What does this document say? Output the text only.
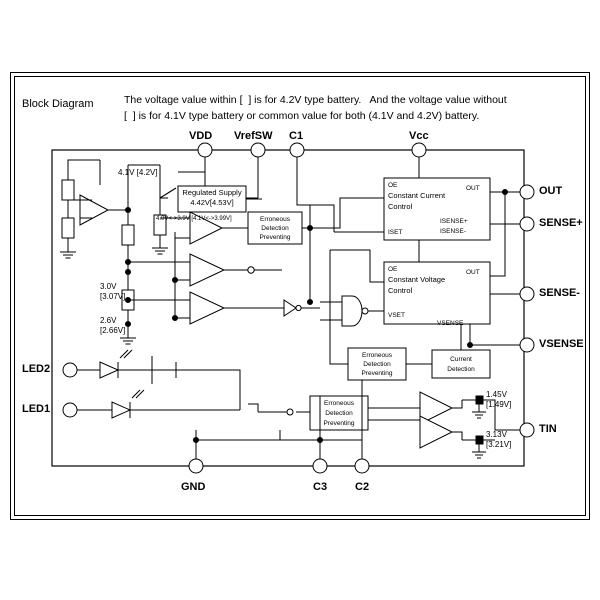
Block Diagram	The voltage value within [  ] is for 4.2V type battery.   And the voltage value without
[  ] is for 4.1V type battery or common value for both (4.1V and 4.2V) battery.
VDD VrefSW C1	Vcc
GND	C3	C2
OUT
SENSE+
SENSE-
VSENSE
TIN
LED2
LED1
Regulated Supply
4.42V[4.53V]
Erroneous
Detection
Preventing
Erroneous
Detection
Preventing
Erroneous
Detection
Preventing
OE
Constant Current
Control
OUT
ISET
ISENSE+
ISENSE-
OE
Constant Voltage
Control
OUT
VSET
VSENSE
Current
Detection
4.1V [4.2V]
4.0V<->3.9V [4.1V<->3.99V]
3.0V
[3.07V]
2.6V
[2.66V]
1.45V
[1.49V]
3.13V
[3.21V]
